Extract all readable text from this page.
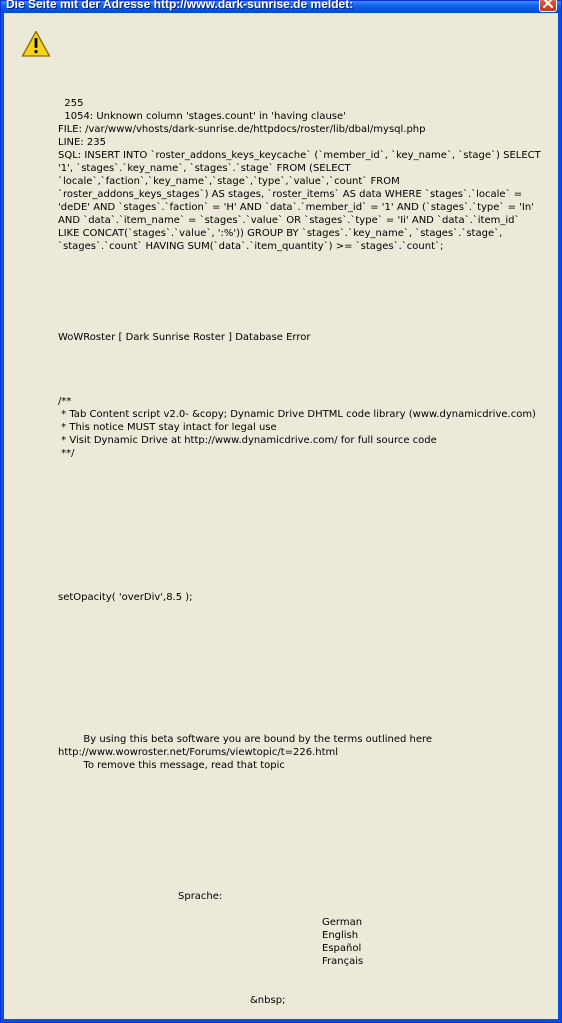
Die Seite mit der Adresse http://www.dark-sunrise.de meldet:
255
1054: Unknown column 'stages.count' in 'having clause'
FILE: /var/www/vhosts/dark-sunrise.de/httpdocs/roster/lib/dbal/mysql.php
LINE: 235
SQL: INSERT INTO `roster_addons_keys_keycache` (`member_id`, `key_name`, `stage`) SELECT
'1', `stages`.`key_name`, `stages`.`stage` FROM (SELECT
`locale`,`faction`,`key_name`,`stage`,`type`,`value`,`count` FROM
`roster_addons_keys_stages`) AS stages, `roster_items` AS data WHERE `stages`.`locale` =
'deDE' AND `stages`.`faction` = 'H' AND `data`.`member_id` = '1' AND (`stages`.`type` = 'In'
AND `data`.`item_name` = `stages`.`value` OR `stages`.`type` = 'Ii' AND `data`.`item_id`
LIKE CONCAT(`stages`.`value`, ':%')) GROUP BY `stages`.`key_name`, `stages`.`stage`,
`stages`.`count` HAVING SUM(`data`.`item_quantity`) >= `stages`.`count`;
WoWRoster [ Dark Sunrise Roster ] Database Error
/**
* Tab Content script v2.0- &copy; Dynamic Drive DHTML code library (www.dynamicdrive.com)
* This notice MUST stay intact for legal use
* Visit Dynamic Drive at http://www.dynamicdrive.com/ for full source code
**/
setOpacity( 'overDiv',8.5 );
By using this beta software you are bound by the terms outlined here
http://www.wowroster.net/Forums/viewtopic/t=226.html
To remove this message, read that topic
Sprache:
German
English
Español
Français
&nbsp;
